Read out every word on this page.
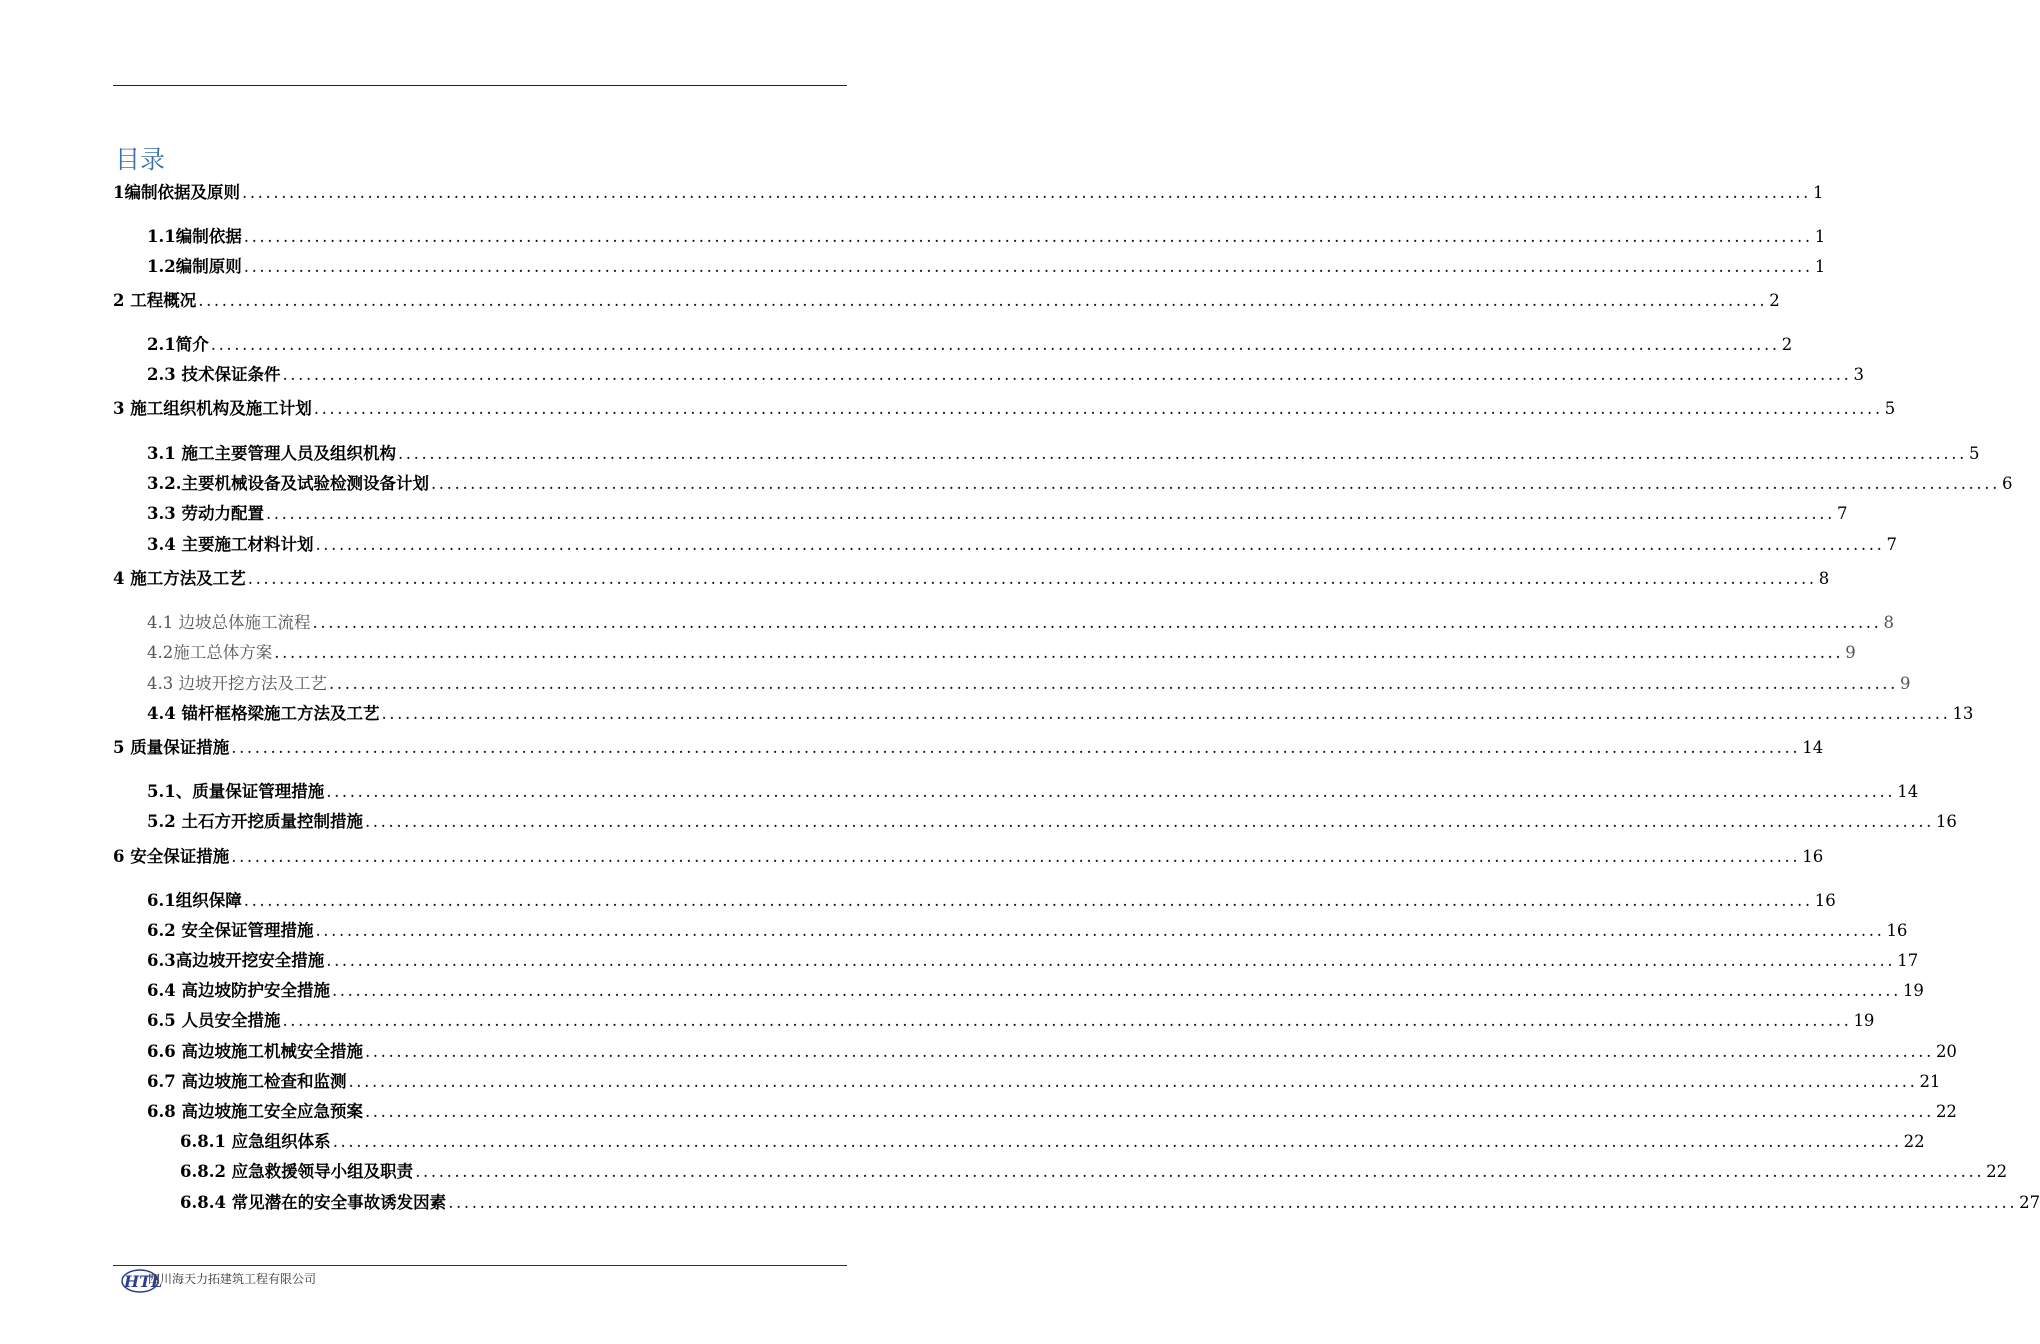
目录
1编制依据及原则 ........................................................................................................................................................................................................ 1
1.1编制依据 ........................................................................................................................................................................................................ 1
1.2编制原则 ........................................................................................................................................................................................................ 1
2 工程概况 ........................................................................................................................................................................................................ 2
2.1简介 ........................................................................................................................................................................................................ 2
2.3 技术保证条件 ........................................................................................................................................................................................................ 3
3 施工组织机构及施工计划 ........................................................................................................................................................................................................ 5
3.1 施工主要管理人员及组织机构 ........................................................................................................................................................................................................ 5
3.2.主要机械设备及试验检测设备计划 ........................................................................................................................................................................................................ 6
3.3 劳动力配置 ........................................................................................................................................................................................................ 7
3.4 主要施工材料计划 ........................................................................................................................................................................................................ 7
4 施工方法及工艺 ........................................................................................................................................................................................................ 8
4.1 边坡总体施工流程 ........................................................................................................................................................................................................ 8
4.2施工总体方案 ........................................................................................................................................................................................................ 9
4.3 边坡开挖方法及工艺 ........................................................................................................................................................................................................ 9
4.4 锚杆框格梁施工方法及工艺 ........................................................................................................................................................................................................ 13
5 质量保证措施 ........................................................................................................................................................................................................ 14
5.1、质量保证管理措施 ........................................................................................................................................................................................................ 14
5.2 土石方开挖质量控制措施 ........................................................................................................................................................................................................ 16
6 安全保证措施 ........................................................................................................................................................................................................ 16
6.1组织保障 ........................................................................................................................................................................................................ 16
6.2 安全保证管理措施 ........................................................................................................................................................................................................ 16
6.3高边坡开挖安全措施 ........................................................................................................................................................................................................ 17
6.4 高边坡防护安全措施 ........................................................................................................................................................................................................ 19
6.5 人员安全措施 ........................................................................................................................................................................................................ 19
6.6 高边坡施工机械安全措施 ........................................................................................................................................................................................................ 20
6.7 高边坡施工检查和监测 ........................................................................................................................................................................................................ 21
6.8 高边坡施工安全应急预案 ........................................................................................................................................................................................................ 22
6.8.1 应急组织体系 ........................................................................................................................................................................................................ 22
6.8.2 应急救援领导小组及职责 ........................................................................................................................................................................................................ 22
6.8.4 常见潜在的安全事故诱发因素 ........................................................................................................................................................................................................ 27
HTL
四川海天力拓建筑工程有限公司
